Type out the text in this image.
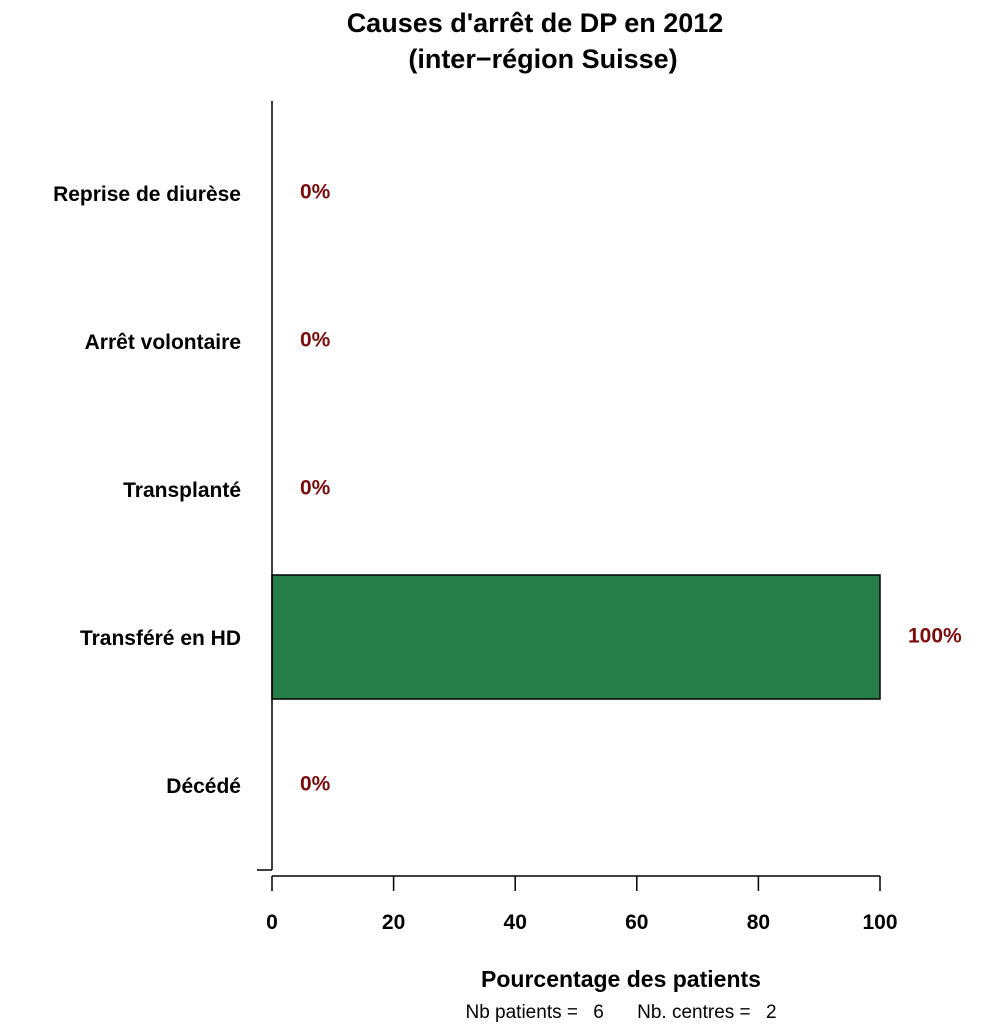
Causes d'arrêt de DP en 2012
(inter−région Suisse)
0%
0%
0%
100%
0%
Reprise de diurèse
Arrêt volontaire
Transplanté
Transféré en HD
Décédé
0	20	40	60	80	100
Pourcentage des patients
Nb patients = 6 Nb. centres = 2
